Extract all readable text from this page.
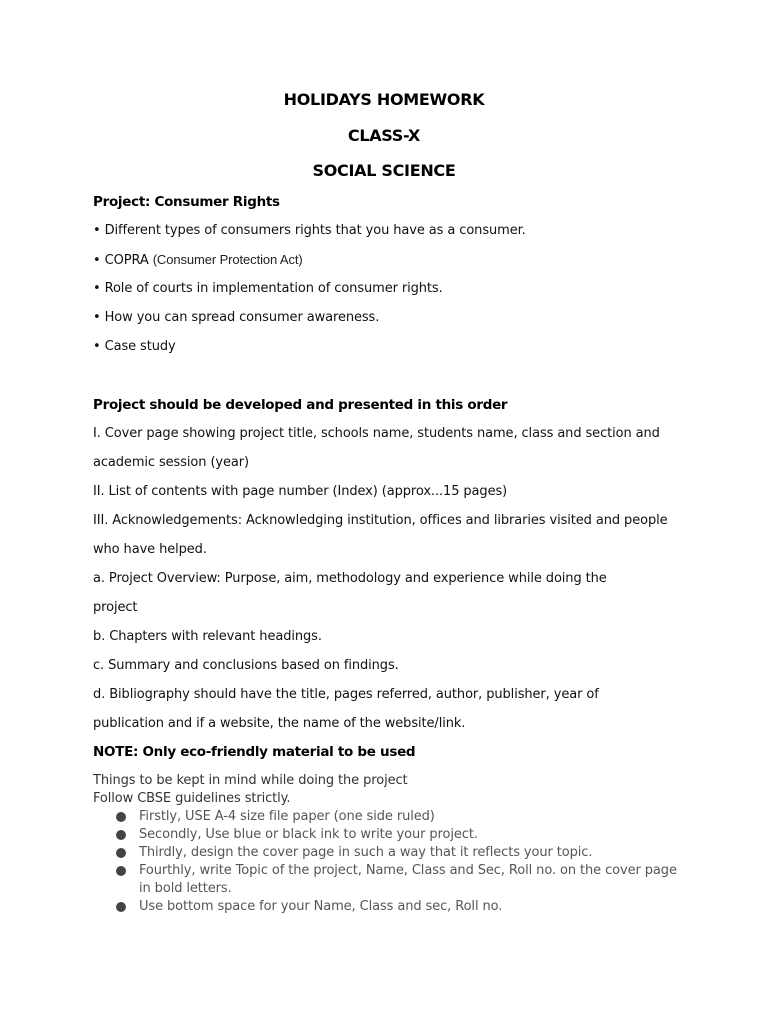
HOLIDAYS HOMEWORK
CLASS-X
SOCIAL SCIENCE
Project: Consumer Rights
• Different types of consumers rights that you have as a consumer.
• COPRA (Consumer Protection Act)
• Role of courts in implementation of consumer rights.
• How you can spread consumer awareness.
• Case study
Project should be developed and presented in this order
I. Cover page showing project title, schools name, students name, class and section and
academic session (year)
II. List of contents with page number (Index) (approx...15 pages)
III. Acknowledgements: Acknowledging institution, offices and libraries visited and people
who have helped.
a. Project Overview: Purpose, aim, methodology and experience while doing the
project
b. Chapters with relevant headings.
c. Summary and conclusions based on findings.
d. Bibliography should have the title, pages referred, author, publisher, year of
publication and if a website, the name of the website/link.
NOTE: Only eco-friendly material to be used
Things to be kept in mind while doing the project
Follow CBSE guidelines strictly.
Firstly, USE A-4 size file paper (one side ruled)
Secondly, Use blue or black ink to write your project.
Thirdly, design the cover page in such a way that it reflects your topic.
Fourthly, write Topic of the project, Name, Class and Sec, Roll no. on the cover page in bold letters.
Use bottom space for your Name, Class and sec, Roll no.
